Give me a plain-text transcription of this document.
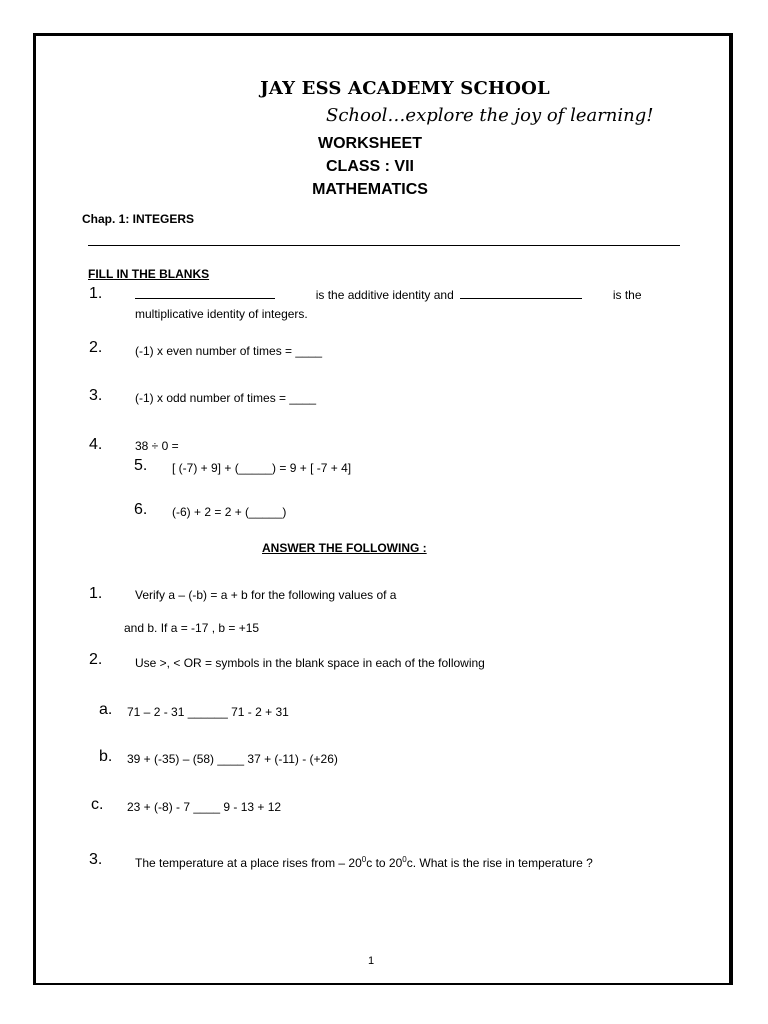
JAY ESS ACADEMY SCHOOL
School…explore the joy of learning!
WORKSHEET
CLASS : VII
MATHEMATICS
Chap. 1: INTEGERS
FILL IN THE BLANKS
1.	is the additive identity and	is the
multiplicative identity of integers.
2.	(-1) x even number of times = ____
3.	(-1) x odd number of times = ____
4.	38 ÷ 0 =
5. [ (-7) + 9] + (_____) = 9 + [ -7 + 4]
6. (-6) + 2 = 2 + (_____)
ANSWER THE FOLLOWING :
1.	Verify a – (-b) = a + b for the following values of a
and b. If a = -17 , b = +15
2.	Use >, < OR = symbols in the blank space in each of the following
a. 71 – 2 - 31 ______ 71 - 2 + 31
b. 39 + (-35) – (58) ____ 37 + (-11) - (+26)
c. 23 + (-8) - 7 ____ 9 - 13 + 12
3.	The temperature at a place rises from – $20^0c$ to $20^0c$. What is the rise in temperature ?
1
